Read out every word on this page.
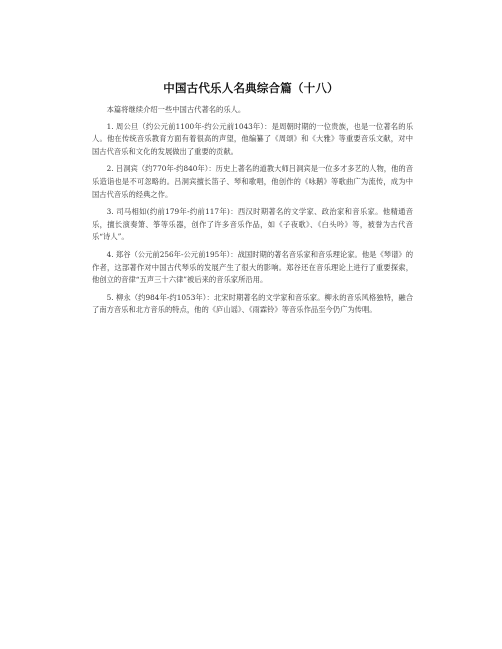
中国古代乐人名典综合篇（十八）

本篇将继续介绍一些中国古代著名的乐人。

1. 周公旦（约公元前1100年-约公元前1043年）：是周朝时期的一位贵族，也是一位著名的乐人。他在传统音乐教育方面有着很高的声望，他编纂了《周颂》和《大雅》等重要音乐文献，对中国古代音乐和文化的发展做出了重要的贡献。

2. 吕洞宾（约770年-约840年）：历史上著名的道教大师吕洞宾是一位多才多艺的人物，他的音乐造诣也是不可忽略的。吕洞宾擅长笛子、琴和歌唱，他创作的《咏鹅》等歌曲广为流传，成为中国古代音乐的经典之作。

3. 司马相如(约前179年-约前117年)：西汉时期著名的文学家、政治家和音乐家。他精通音乐，擅长演奏箫、筝等乐器，创作了许多音乐作品，如《子夜歌》、《白头吟》等，被誉为古代音乐“诗人”。

4. 郑谷（公元前256年-公元前195年）：战国时期的著名音乐家和音乐理论家。他是《琴谱》的作者，这部著作对中国古代琴乐的发展产生了很大的影响。郑谷还在音乐理论上进行了重要探索，他创立的音律“五声三十六律”被后来的音乐家所沿用。

5. 柳永（约984年-约1053年）：北宋时期著名的文学家和音乐家。柳永的音乐风格独特，融合了南方音乐和北方音乐的特点，他的《庐山谣》、《雨霖铃》等音乐作品至今仍广为传唱。
